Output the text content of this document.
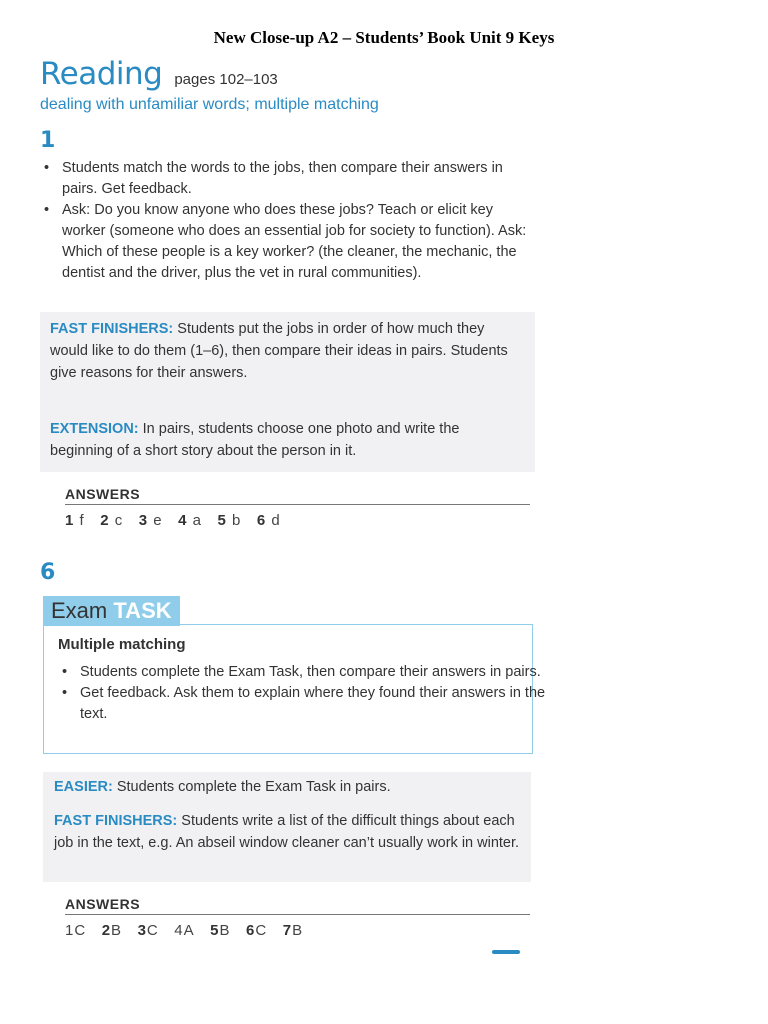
New Close-up A2 – Students’ Book Unit 9 Keys
Reading pages 102–103
dealing with unfamiliar words; multiple matching
1
• Students match the words to the jobs, then compare their answers in pairs. Get feedback.
• Ask: Do you know anyone who does these jobs? Teach or elicit key worker (someone who does an essential job for society to function). Ask: Which of these people is a key worker? (the cleaner, the mechanic, the dentist and the driver, plus the vet in rural communities).
FAST FINISHERS: Students put the jobs in order of how much they would like to do them (1–6), then compare their ideas in pairs. Students give reasons for their answers.
EXTENSION: In pairs, students choose one photo and write the beginning of a short story about the person in it.
ANSWERS
1 f 2 c 3 e 4 a 5 b 6 d
6
Exam TASK
Multiple matching
• Students complete the Exam Task, then compare their answers in pairs.
• Get feedback. Ask them to explain where they found their answers in the text.
EASIER: Students complete the Exam Task in pairs.
FAST FINISHERS: Students write a list of the difficult things about each job in the text, e.g. An abseil window cleaner can’t usually work in winter.
ANSWERS
1C 2B 3C 4A 5B 6C 7B
